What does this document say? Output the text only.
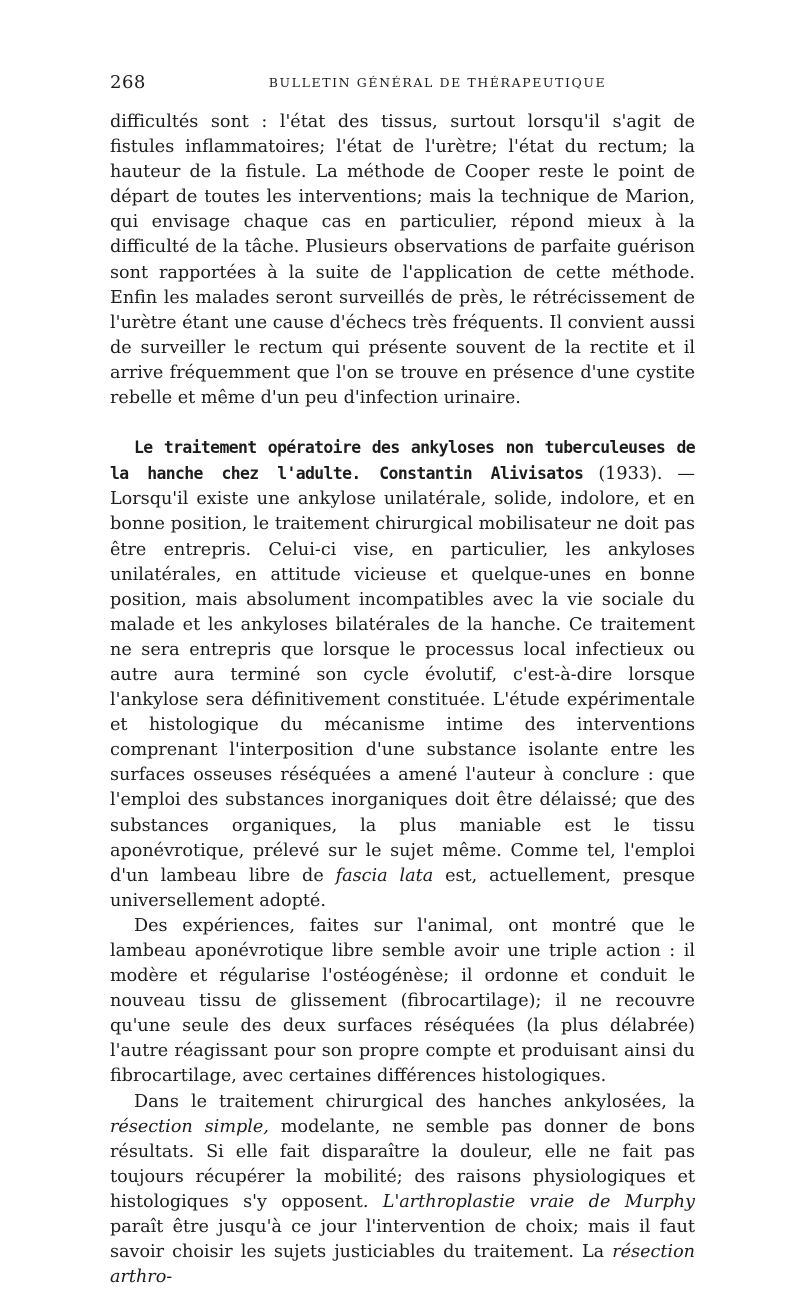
268	BULLETIN GÉNÉRAL DE THÉRAPEUTIQUE

difficultés sont : l'état des tissus, surtout lorsqu'il s'agit de fistules inflammatoires; l'état de l'urètre; l'état du rectum; la hauteur de la fistule. La méthode de Cooper reste le point de départ de toutes les interventions; mais la technique de Marion, qui envisage chaque cas en particulier, répond mieux à la difficulté de la tâche. Plusieurs observations de parfaite guérison sont rapportées à la suite de l'application de cette méthode. Enfin les malades seront surveillés de près, le rétrécissement de l'urètre étant une cause d'échecs très fréquents. Il convient aussi de surveiller le rectum qui présente souvent de la rectite et il arrive fréquemment que l'on se trouve en présence d'une cystite rebelle et même d'un peu d'infection urinaire.

Le traitement opératoire des ankyloses non tuberculeuses de la hanche chez l'adulte. Constantin Alivisatos (1933). — Lorsqu'il existe une ankylose unilatérale, solide, indolore, et en bonne position, le traitement chirurgical mobilisateur ne doit pas être entrepris. Celui-ci vise, en particulier, les ankyloses unilatérales, en attitude vicieuse et quelque-unes en bonne position, mais absolument incompatibles avec la vie sociale du malade et les ankyloses bilatérales de la hanche. Ce traitement ne sera entrepris que lorsque le processus local infectieux ou autre aura terminé son cycle évolutif, c'est-à-dire lorsque l'ankylose sera définitivement constituée. L'étude expérimentale et histologique du mécanisme intime des interventions comprenant l'interposition d'une substance isolante entre les surfaces osseuses réséquées a amené l'auteur à conclure : que l'emploi des substances inorganiques doit être délaissé; que des substances organiques, la plus maniable est le tissu aponévrotique, prélevé sur le sujet même. Comme tel, l'emploi d'un lambeau libre de fascia lata est, actuellement, presque universellement adopté.

Des expériences, faites sur l'animal, ont montré que le lambeau aponévrotique libre semble avoir une triple action : il modère et régularise l'ostéogénèse; il ordonne et conduit le nouveau tissu de glissement (fibrocartilage); il ne recouvre qu'une seule des deux surfaces réséquées (la plus délabrée) l'autre réagissant pour son propre compte et produisant ainsi du fibrocartilage, avec certaines différences histologiques.

Dans le traitement chirurgical des hanches ankylosées, la résection simple, modelante, ne semble pas donner de bons résultats. Si elle fait disparaître la douleur, elle ne fait pas toujours récupérer la mobilité; des raisons physiologiques et histologiques s'y opposent. L'arthroplastie vraie de Murphy paraît être jusqu'à ce jour l'intervention de choix; mais il faut savoir choisir les sujets justiciables du traitement. La résection arthro-
